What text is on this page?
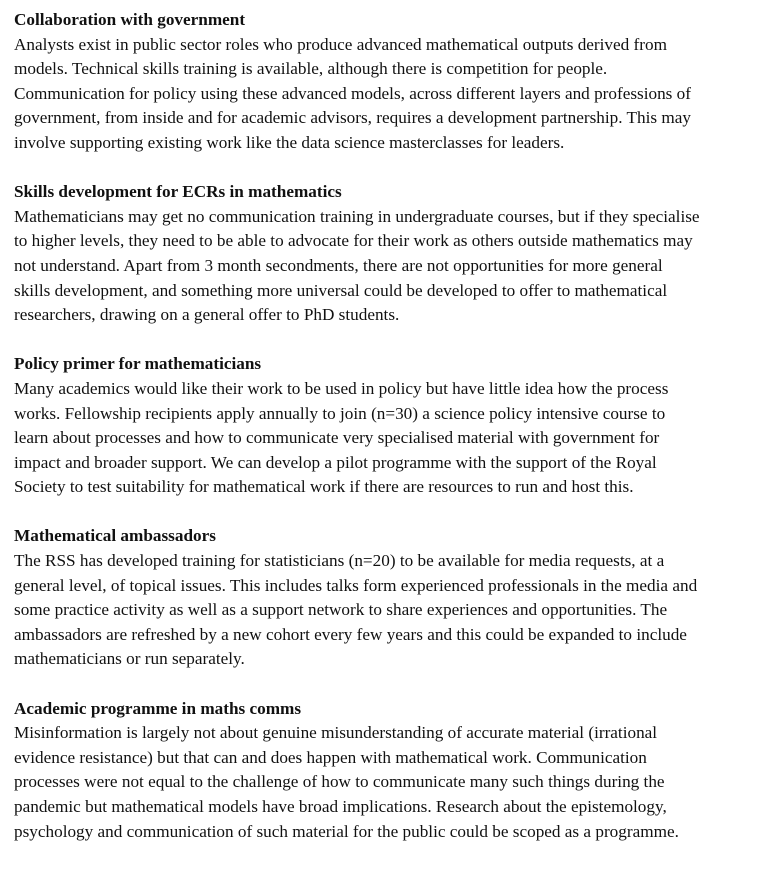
Collaboration with government

Analysts exist in public sector roles who produce advanced mathematical outputs derived from
models. Technical skills training is available, although there is competition for people.
Communication for policy using these advanced models, across different layers and professions of
government, from inside and for academic advisors, requires a development partnership. This may
involve supporting existing work like the data science masterclasses for leaders.

Skills development for ECRs in mathematics

Mathematicians may get no communication training in undergraduate courses, but if they specialise
to higher levels, they need to be able to advocate for their work as others outside mathematics may
not understand. Apart from 3 month secondments, there are not opportunities for more general
skills development, and something more universal could be developed to offer to mathematical
researchers, drawing on a general offer to PhD students.

Policy primer for mathematicians

Many academics would like their work to be used in policy but have little idea how the process
works. Fellowship recipients apply annually to join (n=30) a science policy intensive course to
learn about processes and how to communicate very specialised material with government for
impact and broader support. We can develop a pilot programme with the support of the Royal
Society to test suitability for mathematical work if there are resources to run and host this.

Mathematical ambassadors

The RSS has developed training for statisticians (n=20) to be available for media requests, at a
general level, of topical issues. This includes talks form experienced professionals in the media and
some practice activity as well as a support network to share experiences and opportunities. The
ambassadors are refreshed by a new cohort every few years and this could be expanded to include
mathematicians or run separately.

Academic programme in maths comms

Misinformation is largely not about genuine misunderstanding of accurate material (irrational
evidence resistance) but that can and does happen with mathematical work. Communication
processes were not equal to the challenge of how to communicate many such things during the
pandemic but mathematical models have broad implications. Research about the epistemology,
psychology and communication of such material for the public could be scoped as a programme.
